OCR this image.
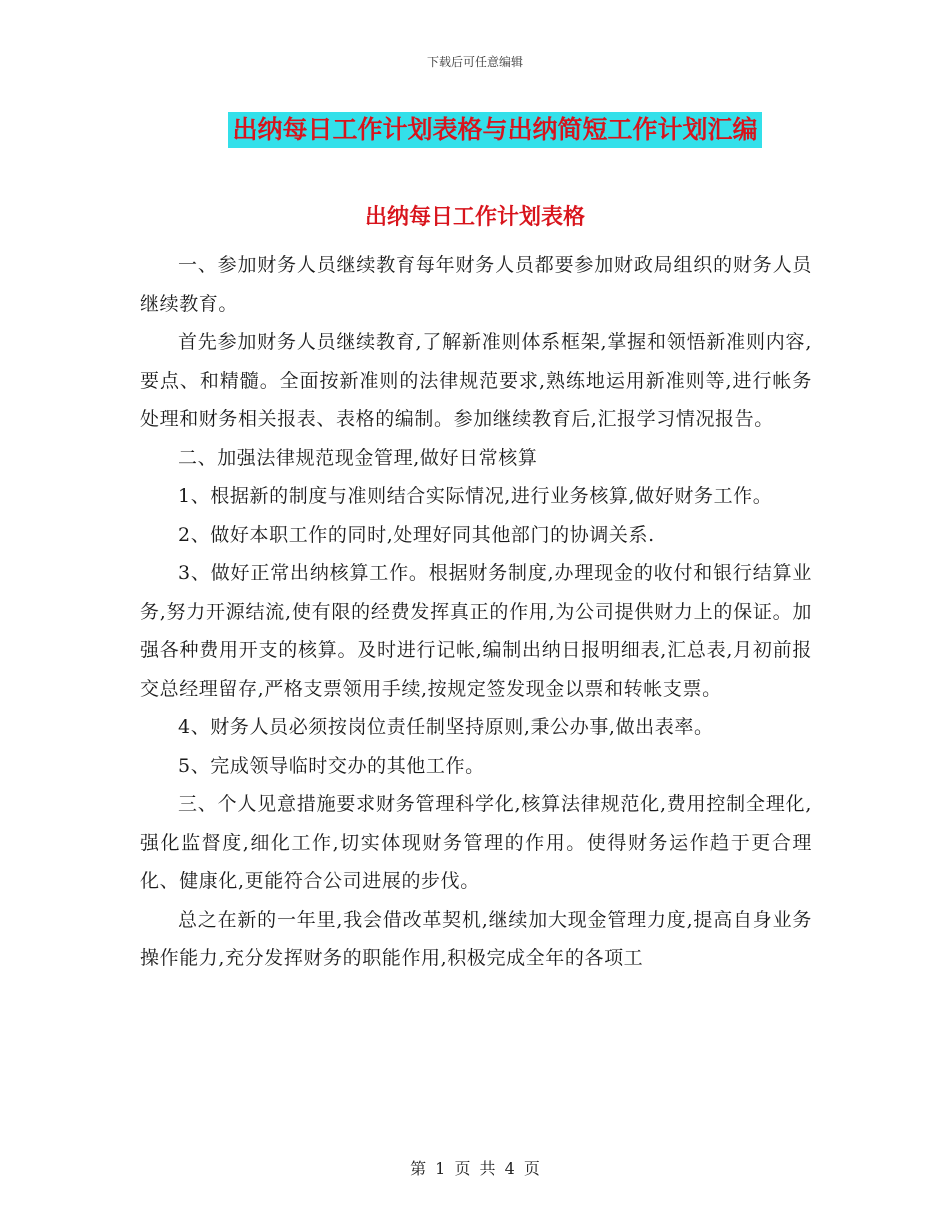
下载后可任意编辑
出纳每日工作计划表格与出纳简短工作计划汇编
出纳每日工作计划表格

一、参加财务人员继续教育每年财务人员都要参加财政局组织的财务人员继续教育。

首先参加财务人员继续教育,了解新准则体系框架,掌握和领悟新准则内容,要点、和精髓。全面按新准则的法律规范要求,熟练地运用新准则等,进行帐务处理和财务相关报表、表格的编制。参加继续教育后,汇报学习情况报告。

二、加强法律规范现金管理,做好日常核算

1、根据新的制度与准则结合实际情况,进行业务核算,做好财务工作。

2、做好本职工作的同时,处理好同其他部门的协调关系.

3、做好正常出纳核算工作。根据财务制度,办理现金的收付和银行结算业务,努力开源结流,使有限的经费发挥真正的作用,为公司提供财力上的保证。加强各种费用开支的核算。及时进行记帐,编制出纳日报明细表,汇总表,月初前报交总经理留存,严格支票领用手续,按规定签发现金以票和转帐支票。

4、财务人员必须按岗位责任制坚持原则,秉公办事,做出表率。

5、完成领导临时交办的其他工作。

三、个人见意措施要求财务管理科学化,核算法律规范化,费用控制全理化,强化监督度,细化工作,切实体现财务管理的作用。使得财务运作趋于更合理化、健康化,更能符合公司进展的步伐。

总之在新的一年里,我会借改革契机,继续加大现金管理力度,提高自身业务操作能力,充分发挥财务的职能作用,积极完成全年的各项工

第 1 页 共 4 页
